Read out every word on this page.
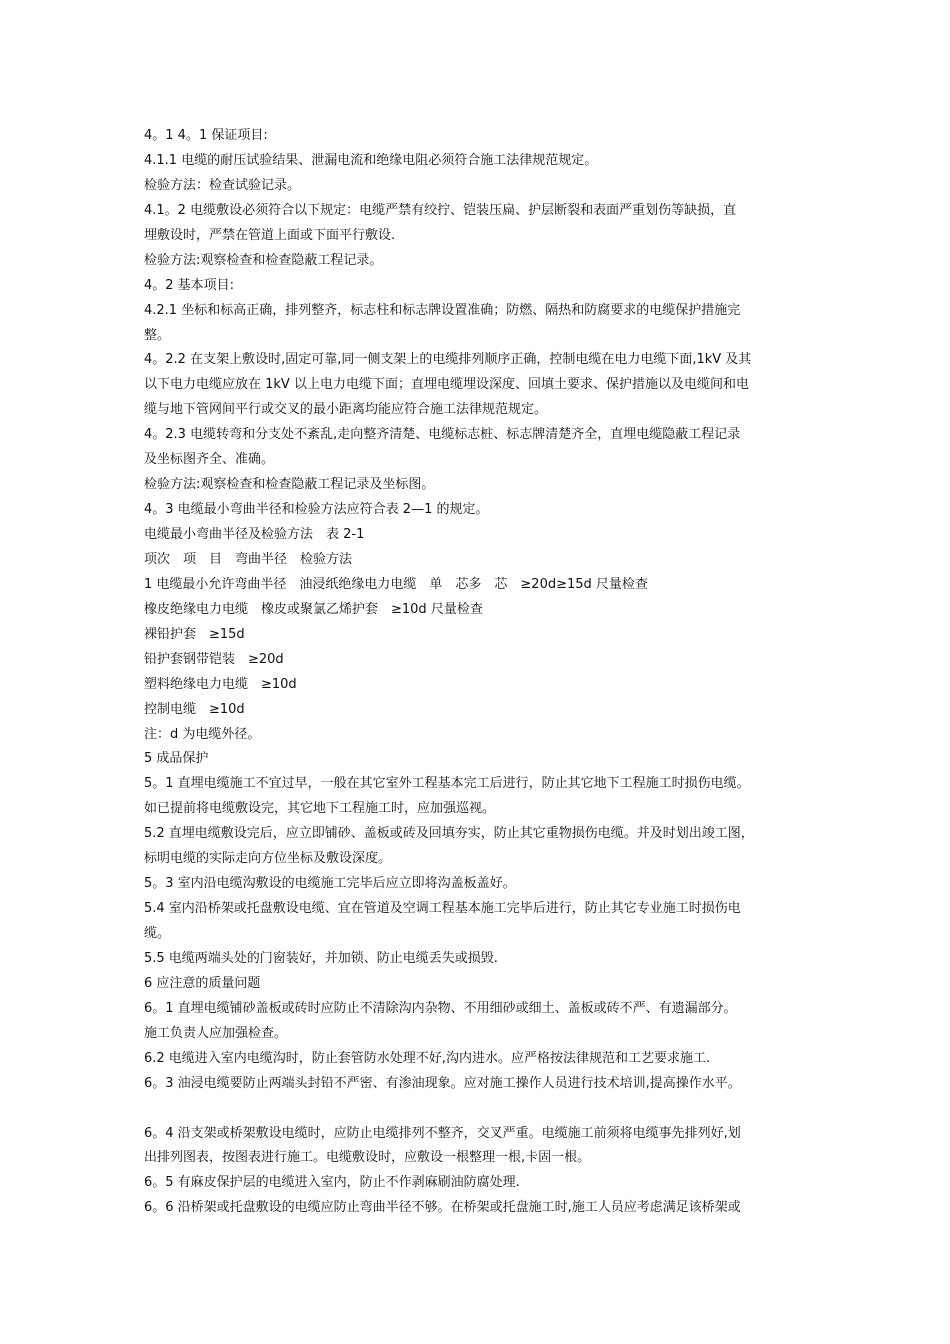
4。1 4。1 保证项目:
4.1.1 电缆的耐压试验结果、泄漏电流和绝缘电阻必须符合施工法律规范规定。
检验方法：检查试验记录。
4.1。2 电缆敷设必须符合以下规定：电缆严禁有绞拧、铠装压扁、护层断裂和表面严重划伤等缺损，直
埋敷设时，严禁在管道上面或下面平行敷设.
检验方法:观察检查和检查隐蔽工程记录。
4。2 基本项目:
4.2.1 坐标和标高正确，排列整齐，标志柱和标志牌设置准确；防燃、隔热和防腐要求的电缆保护措施完
整。
4。2.2 在支架上敷设时,固定可靠,同一侧支架上的电缆排列顺序正确，控制电缆在电力电缆下面,1kV 及其
以下电力电缆应放在 1kV 以上电力电缆下面；直埋电缆埋设深度、回填土要求、保护措施以及电缆间和电
缆与地下管网间平行或交叉的最小距离均能应符合施工法律规范规定。
4。2.3 电缆转弯和分支处不紊乱,走向整齐清楚、电缆标志桩、标志牌清楚齐全，直埋电缆隐蔽工程记录
及坐标图齐全、准确。
检验方法:观察检查和检查隐蔽工程记录及坐标图。
4。3 电缆最小弯曲半径和检验方法应符合表 2—1 的规定。
电缆最小弯曲半径及检验方法　表 2-1
项次　项　目　弯曲半径　检验方法
1 电缆最小允许弯曲半径　油浸纸绝缘电力电缆　单　芯多　芯　≥20d≥15d 尺量检查
橡皮绝缘电力电缆　橡皮或聚氯乙烯护套　≥10d 尺量检查
裸铅护套　≥15d
铅护套钢带铠装　≥20d
塑料绝缘电力电缆　≥10d
控制电缆　≥10d
注：d 为电缆外径。
5 成品保护
5。1 直埋电缆施工不宜过早，一般在其它室外工程基本完工后进行，防止其它地下工程施工时损伤电缆。
如已提前将电缆敷设完，其它地下工程施工时，应加强巡视。
5.2 直埋电缆敷设完后，应立即铺砂、盖板或砖及回填夯实，防止其它重物损伤电缆。并及时划出竣工图，
标明电缆的实际走向方位坐标及敷设深度。
5。3 室内沿电缆沟敷设的电缆施工完毕后应立即将沟盖板盖好。
5.4 室内沿桥架或托盘敷设电缆、宜在管道及空调工程基本施工完毕后进行，防止其它专业施工时损伤电
缆。
5.5 电缆两端头处的门窗装好，并加锁、防止电缆丢失或损毁.
6 应注意的质量问题
6。1 直埋电缆铺砂盖板或砖时应防止不清除沟内杂物、不用细砂或细土、盖板或砖不严、有遗漏部分。
施工负责人应加强检查。
6.2 电缆进入室内电缆沟时，防止套管防水处理不好,沟内进水。应严格按法律规范和工艺要求施工.
6。3 油浸电缆要防止两端头封铅不严密、有渗油现象。应对施工操作人员进行技术培训,提高操作水平。
6。4 沿支架或桥架敷设电缆时，应防止电缆排列不整齐，交叉严重。电缆施工前须将电缆事先排列好,划
出排列图表，按图表进行施工。电缆敷设时，应敷设一根整理一根,卡固一根。
6。5 有麻皮保护层的电缆进入室内，防止不作剥麻刷油防腐处理.
6。6 沿桥架或托盘敷设的电缆应防止弯曲半径不够。在桥架或托盘施工时,施工人员应考虑满足该桥架或
